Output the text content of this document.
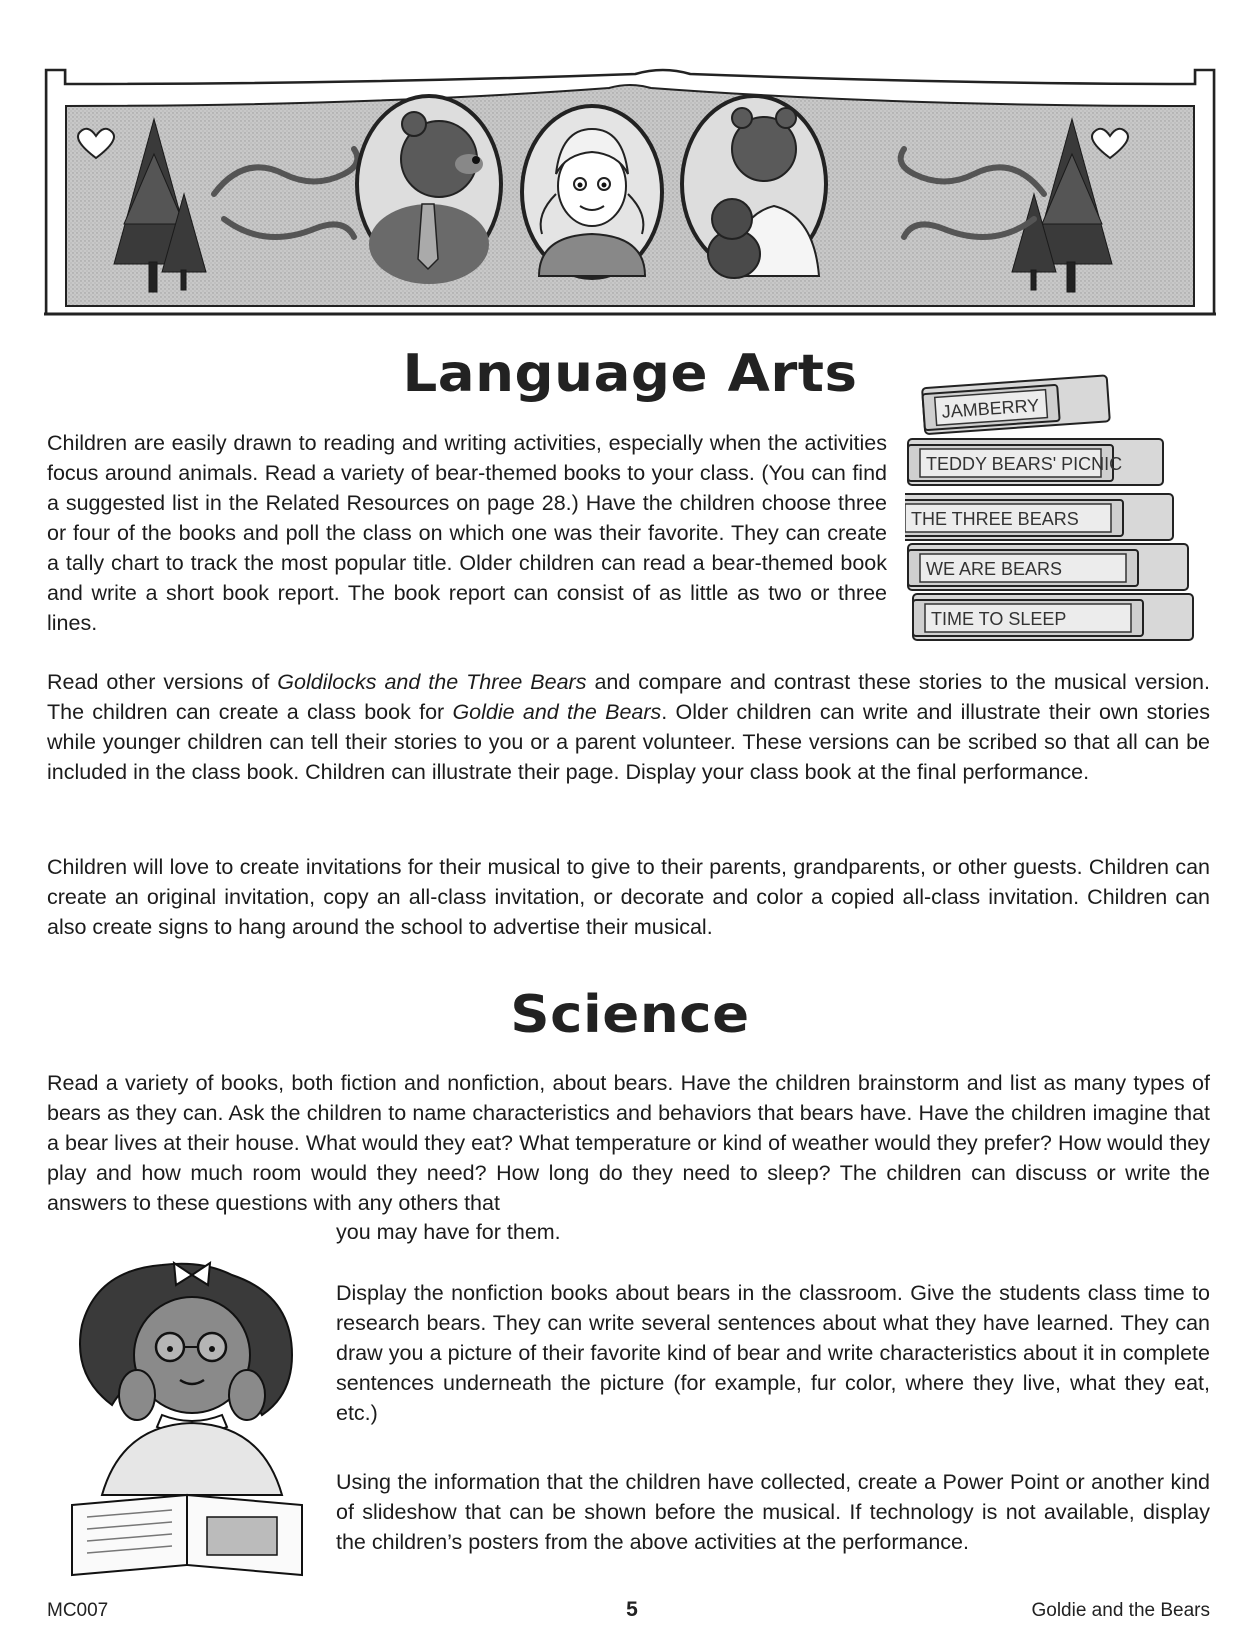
Language Arts

Children are easily drawn to reading and writing activities, especially when the activities focus around animals. Read a variety of bear-themed books to your class. (You can find a suggested list in the Related Resources on page 28.) Have the children choose three or four of the books and poll the class on which one was their favorite. They can create a tally chart to track the most popular title. Older children can read a bear-themed book and write a short book report. The book report can consist of as little as two or three lines.

JAMBERRY
TEDDY BEARS' PICNIC
THE THREE BEARS
WE ARE BEARS
TIME TO SLEEP

Read other versions of Goldilocks and the Three Bears and compare and contrast these stories to the musical version. The children can create a class book for Goldie and the Bears. Older children can write and illustrate their own stories while younger children can tell their stories to you or a parent volunteer. These versions can be scribed so that all can be included in the class book. Children can illustrate their page. Display your class book at the final performance.

Children will love to create invitations for their musical to give to their parents, grandparents, or other guests. Children can create an original invitation, copy an all-class invitation, or decorate and color a copied all-class invitation. Children can also create signs to hang around the school to advertise their musical.

Science

Read a variety of books, both fiction and nonfiction, about bears. Have the children brainstorm and list as many types of bears as they can. Ask the children to name characteristics and behaviors that bears have. Have the children imagine that a bear lives at their house. What would they eat? What temperature or kind of weather would they prefer? How would they play and how much room would they need? How long do they need to sleep? The children can discuss or write the answers to these questions with any others that

you may have for them.

Display the nonfiction books about bears in the classroom. Give the students class time to research bears. They can write several sentences about what they have learned. They can draw you a picture of their favorite kind of bear and write characteristics about it in complete sentences underneath the picture (for example, fur color, where they live, what they eat, etc.)

Using the information that the children have collected, create a Power Point or another kind of slideshow that can be shown before the musical. If technology is not available, display the children’s posters from the above activities at the performance.

MC007	5	Goldie and the Bears
